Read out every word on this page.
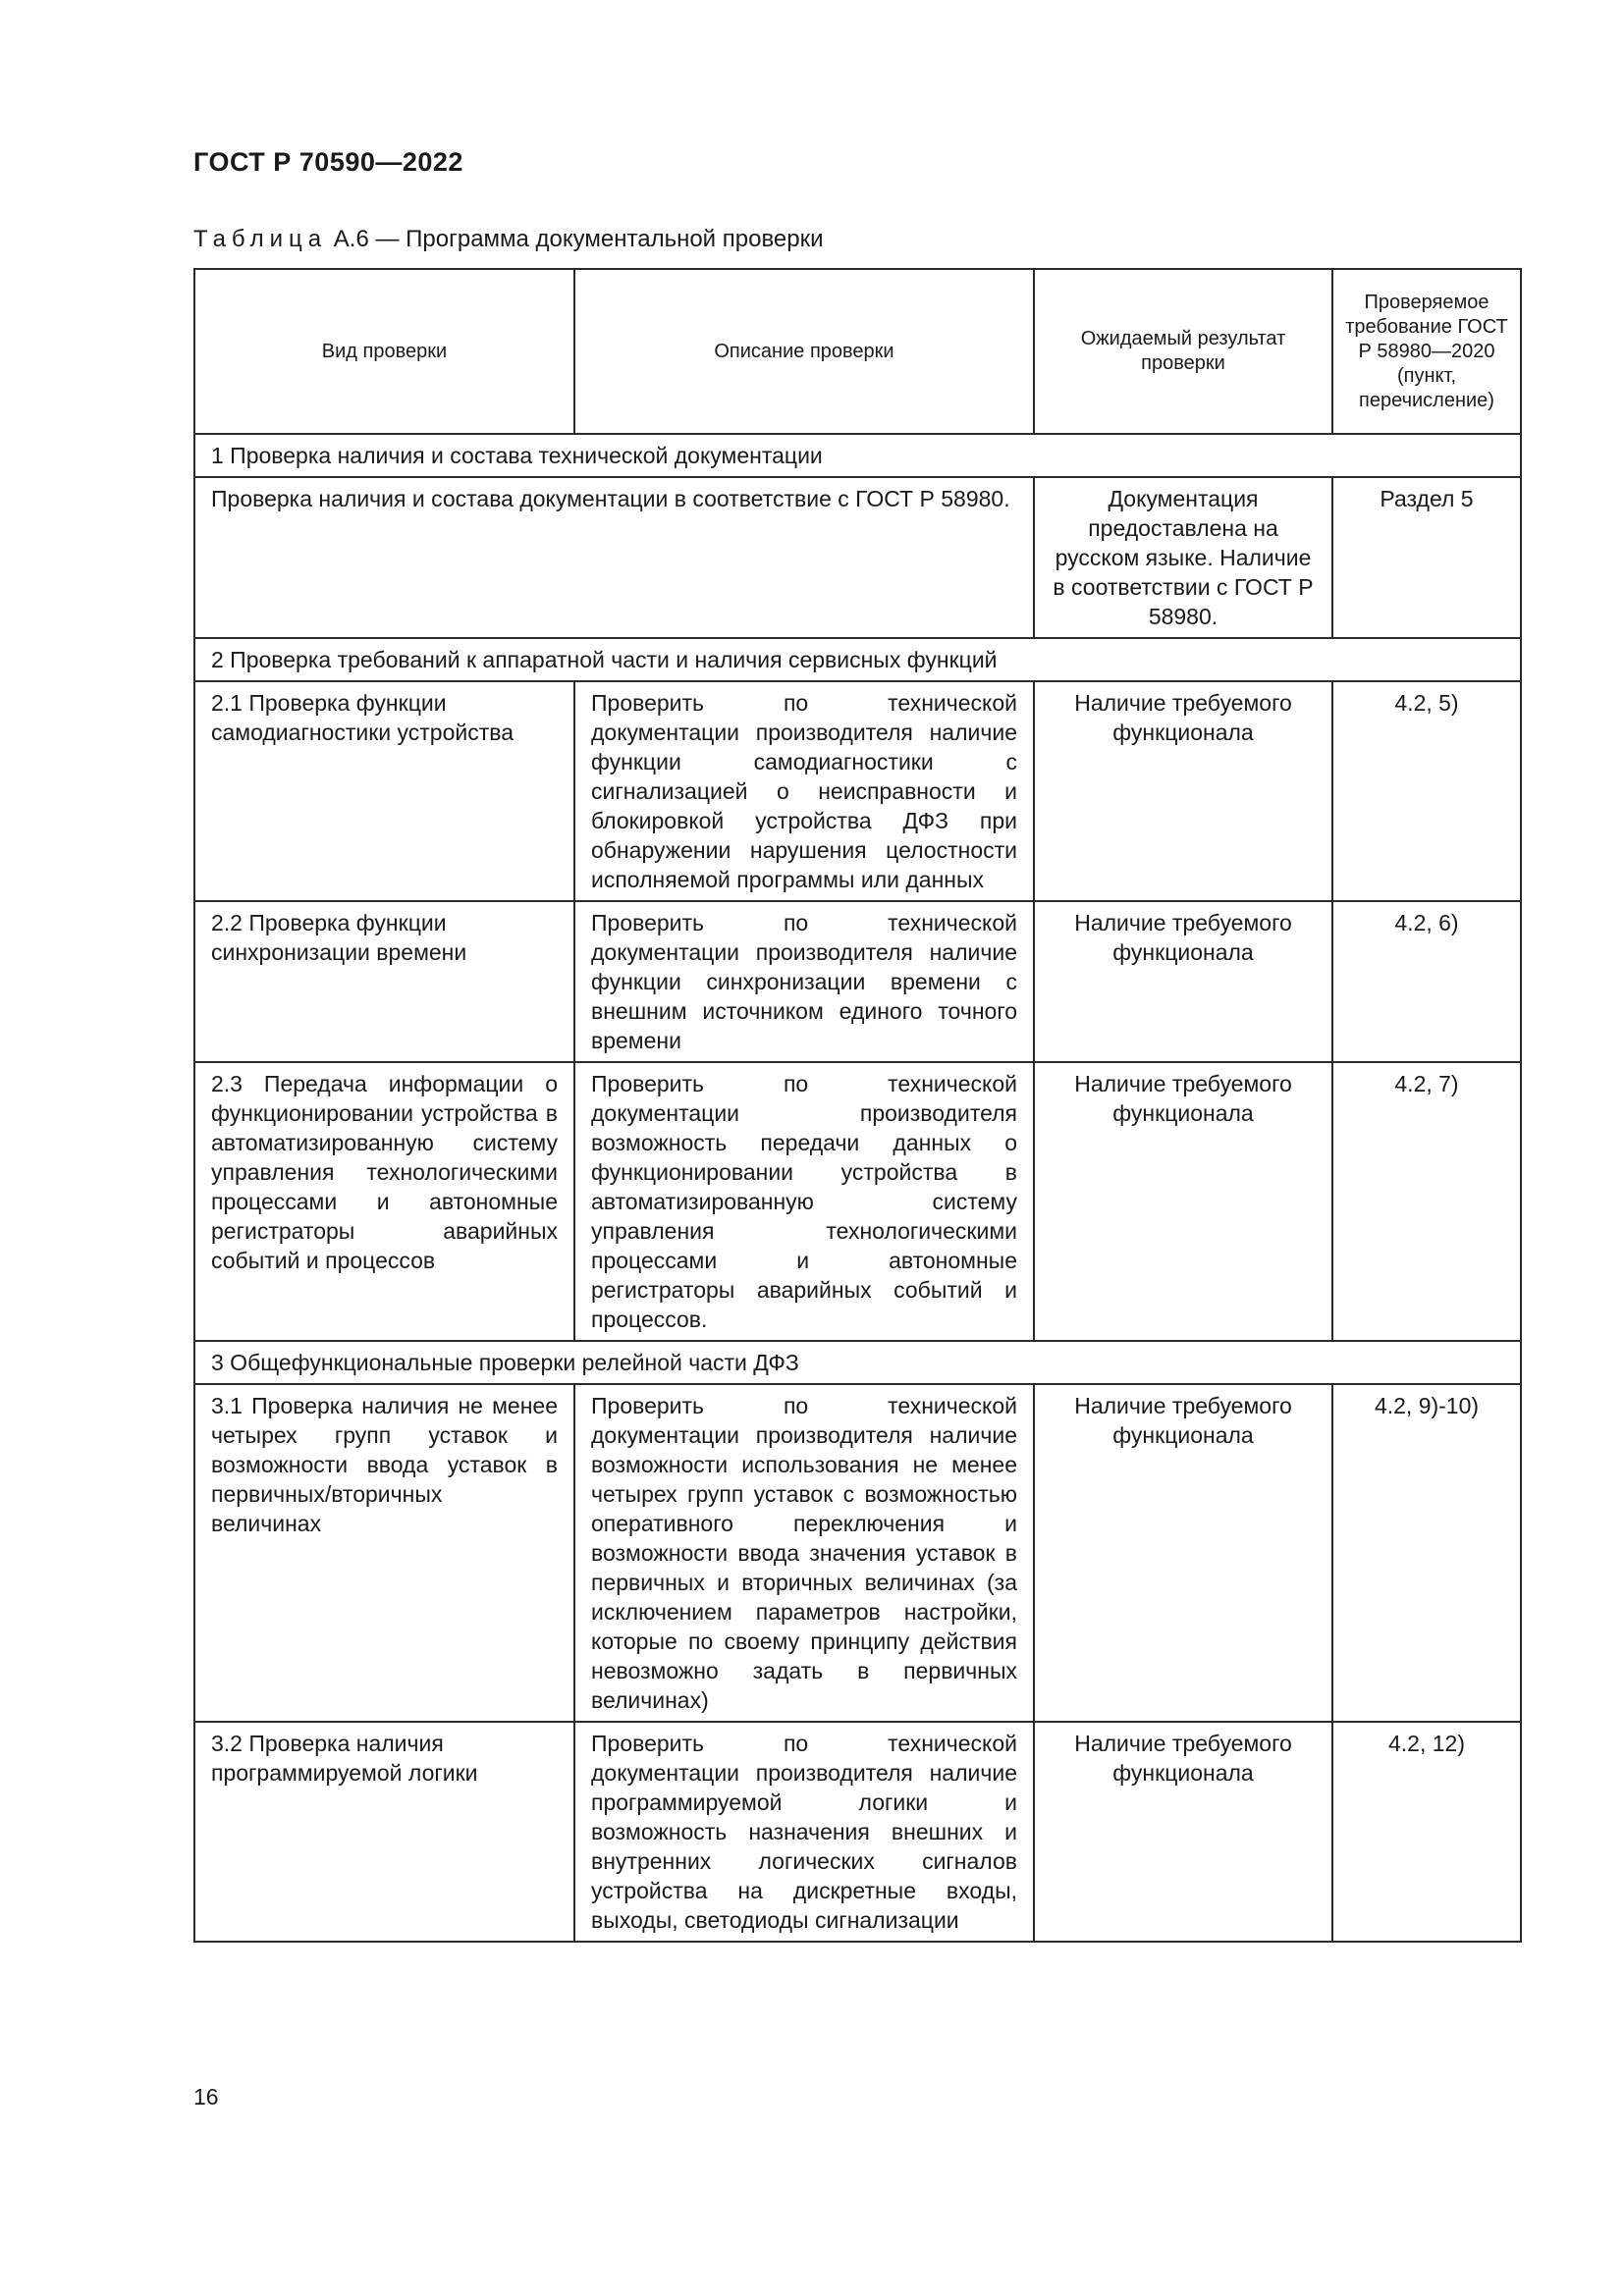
ГОСТ Р 70590—2022
Таблица А.6 — Программа документальной проверки
Вид проверки	Описание проверки	Ожидаемый результат проверки	Проверяемое требование ГОСТ Р 58980—2020 (пункт, перечисление)
1 Проверка наличия и состава технической документации			
Проверка наличия и состава документации в соответствие с ГОСТ Р 58980.		Документация предоставлена на русском языке. Наличие в соответствии с ГОСТ Р 58980.	Раздел 5
2 Проверка требований к аппаратной части и наличия сервисных функций			
2.1 Проверка функции самодиагностики устройства	Проверить по технической документации производителя наличие функции самодиагностики с сигнализацией о неисправности и блокировкой устройства ДФЗ при обнаружении нарушения целостности исполняемой программы или данных	Наличие требуемого функционала	4.2, 5)
2.2 Проверка функции синхронизации времени	Проверить по технической документации производителя наличие функции синхронизации времени с внешним источником единого точного времени	Наличие требуемого функционала	4.2, 6)
2.3 Передача информации о функционировании устройства в автоматизированную систему управления технологическими процессами и автономные регистраторы аварийных событий и процессов	Проверить по технической документации производителя возможность передачи данных о функционировании устройства в автоматизированную систему управления технологическими процессами и автономные регистраторы аварийных событий и процессов.	Наличие требуемого функционала	4.2, 7)
3 Общефункциональные проверки релейной части ДФЗ			
3.1 Проверка наличия не менее четырех групп уставок и возможности ввода уставок в первичных/вторичных величинах	Проверить по технической документации производителя наличие возможности использования не менее четырех групп уставок с возможностью оперативного переключения и возможности ввода значения уставок в первичных и вторичных величинах (за исключением параметров настройки, которые по своему принципу действия невозможно задать в первичных величинах)	Наличие требуемого функционала	4.2, 9)-10)
3.2 Проверка наличия программируемой логики	Проверить по технической документации производителя наличие программируемой логики и возможность назначения внешних и внутренних логических сигналов устройства на дискретные входы, выходы, светодиоды сигнализации	Наличие требуемого функционала	4.2, 12)
16
